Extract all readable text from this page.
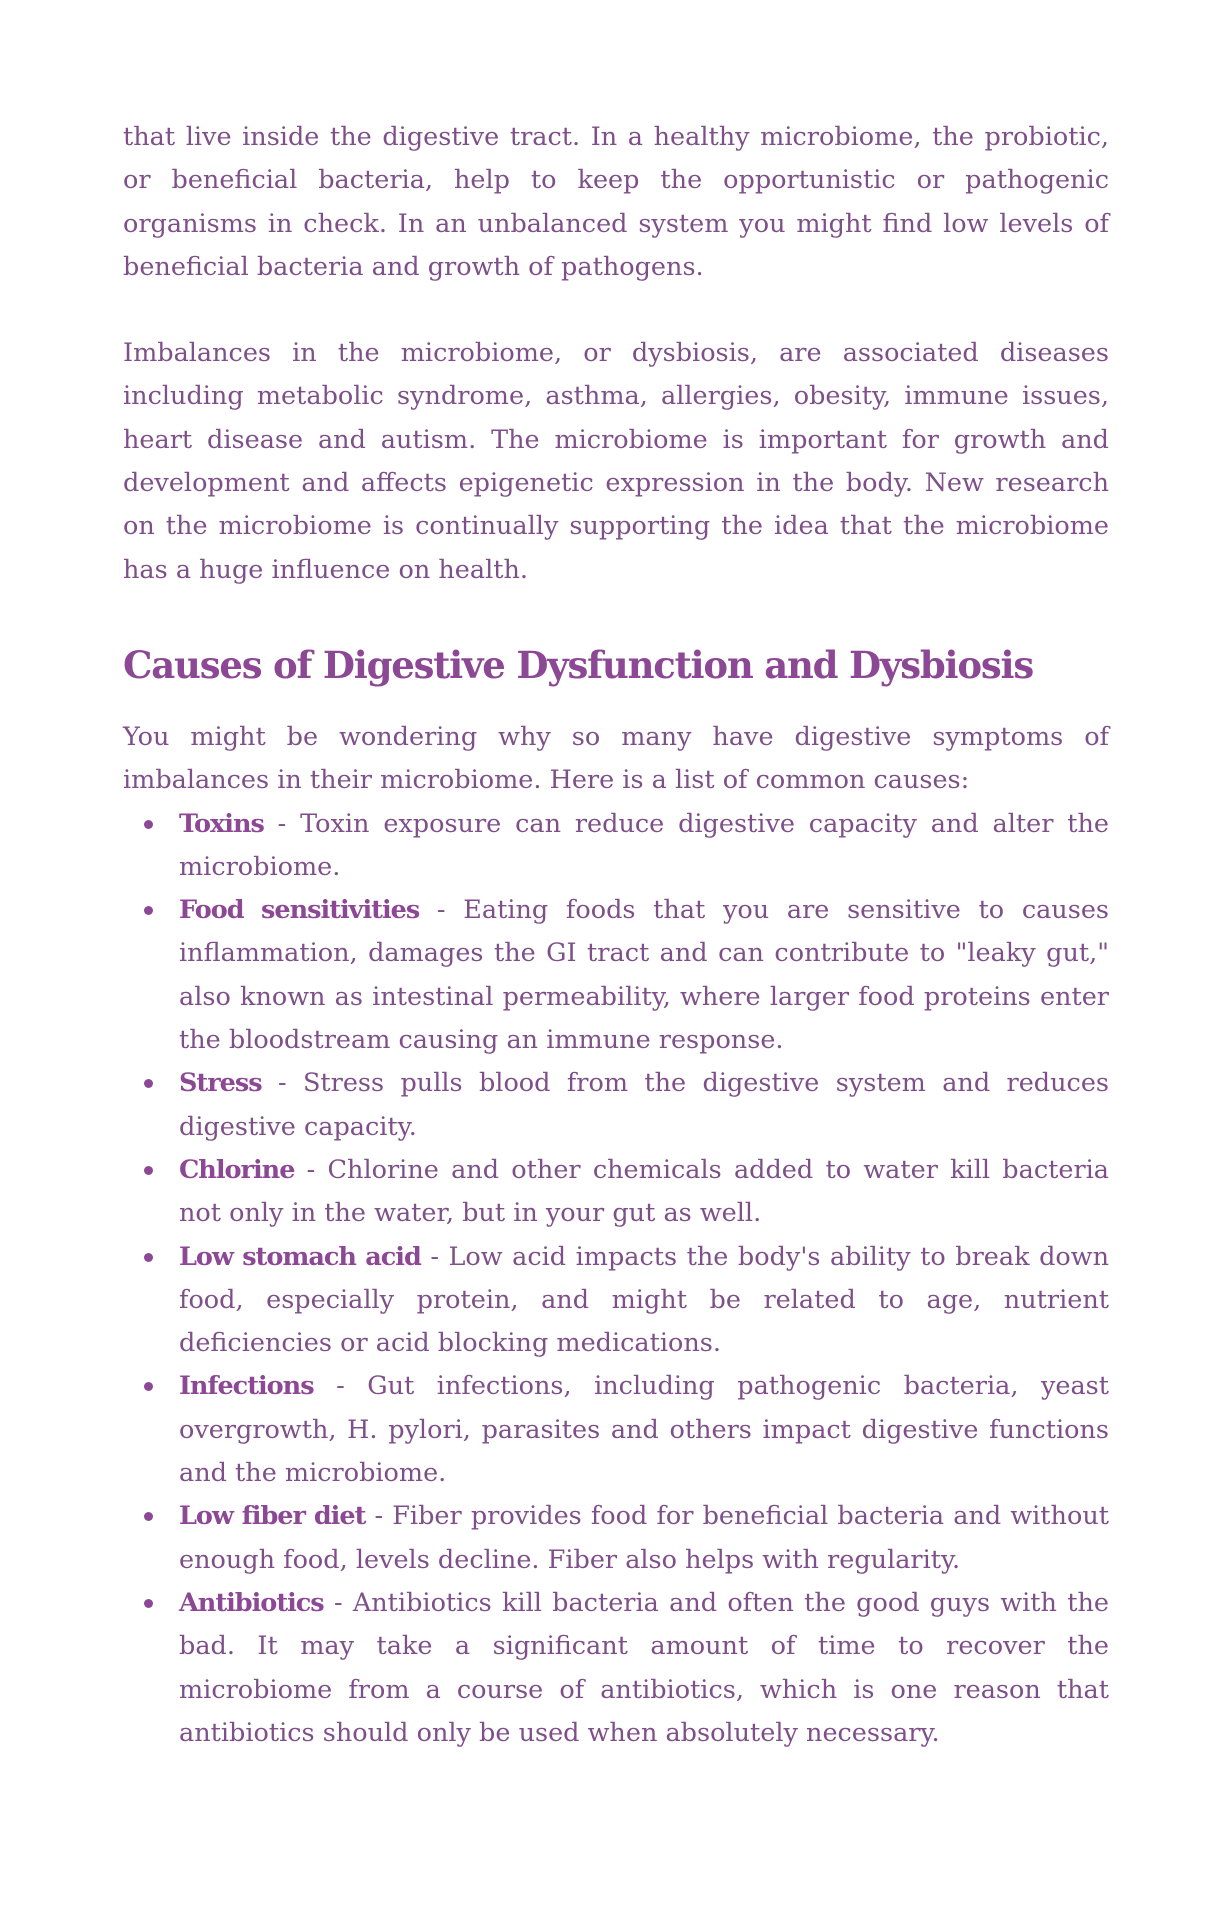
that live inside the digestive tract. In a healthy microbiome, the probiotic, or beneficial bacteria, help to keep the opportunistic or pathogenic organisms in check. In an unbalanced system you might find low levels of beneficial bacteria and growth of pathogens.

Imbalances in the microbiome, or dysbiosis, are associated diseases including metabolic syndrome, asthma, allergies, obesity, immune issues, heart disease and autism. The microbiome is important for growth and development and affects epigenetic expression in the body. New research on the microbiome is continually supporting the idea that the microbiome has a huge influence on health.

Causes of Digestive Dysfunction and Dysbiosis

You might be wondering why so many have digestive symptoms of imbalances in their microbiome. Here is a list of common causes:

Toxins - Toxin exposure can reduce digestive capacity and alter the microbiome.
Food sensitivities - Eating foods that you are sensitive to causes inflammation, damages the GI tract and can contribute to "leaky gut," also known as intestinal permeability, where larger food proteins enter the bloodstream causing an immune response.
Stress - Stress pulls blood from the digestive system and reduces digestive capacity.
Chlorine - Chlorine and other chemicals added to water kill bacteria not only in the water, but in your gut as well.
Low stomach acid - Low acid impacts the body's ability to break down food, especially protein, and might be related to age, nutrient deficiencies or acid blocking medications.
Infections - Gut infections, including pathogenic bacteria, yeast overgrowth, H. pylori, parasites and others impact digestive functions and the microbiome.
Low fiber diet - Fiber provides food for beneficial bacteria and without enough food, levels decline. Fiber also helps with regularity.
Antibiotics - Antibiotics kill bacteria and often the good guys with the bad. It may take a significant amount of time to recover the microbiome from a course of antibiotics, which is one reason that antibiotics should only be used when absolutely necessary.
